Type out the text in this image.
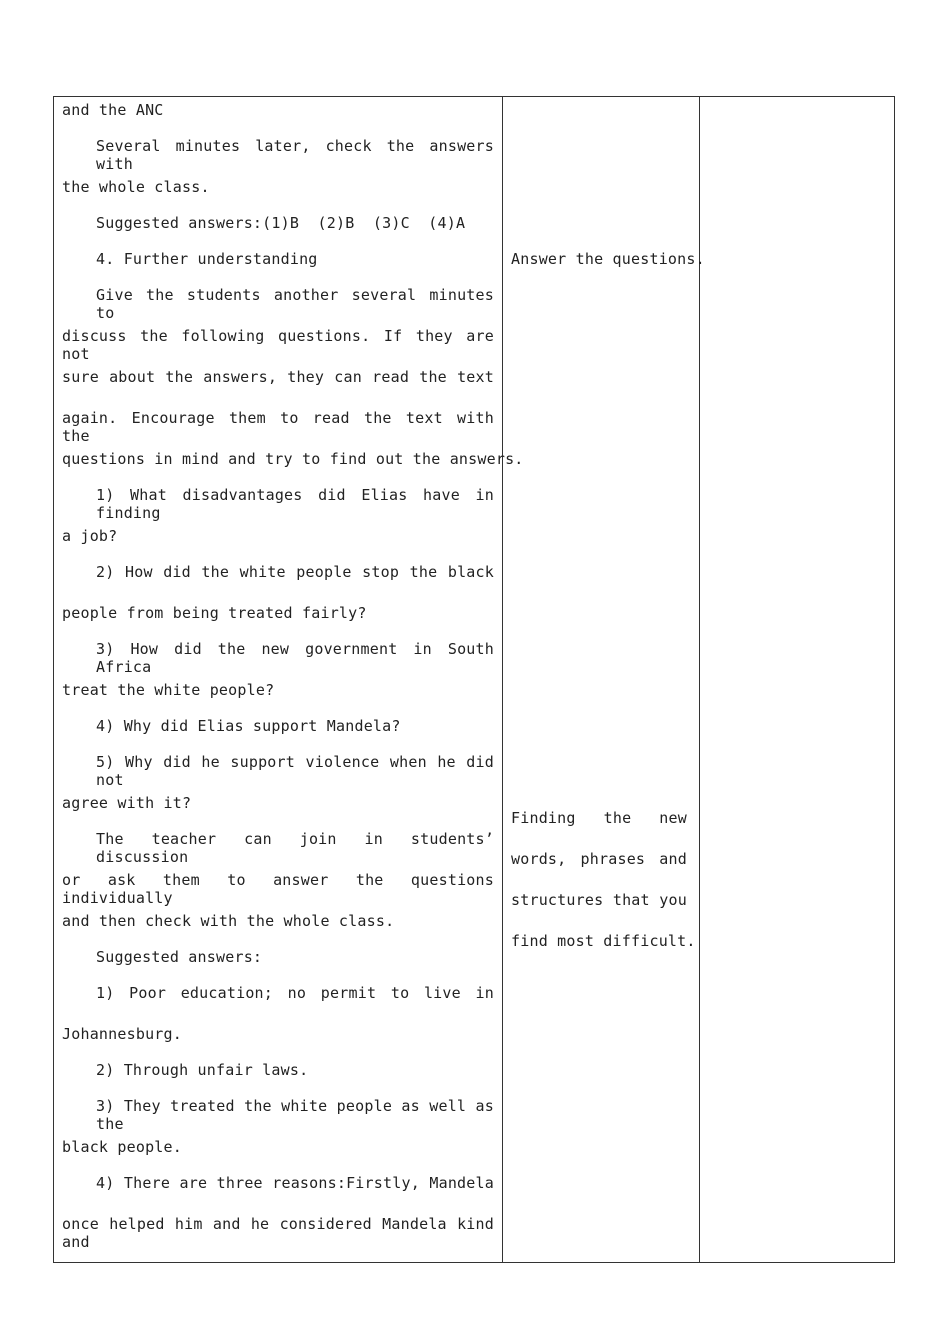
and the ANC
Several minutes later, check the answers with
the whole class.
Suggested answers:(1)B  (2)B  (3)C  (4)A
4. Further understanding
Give the students another several minutes to
discuss the following questions. If they are not
sure about the answers, they can read the text
again. Encourage them to read the text with the
questions in mind and try to find out the answers.
1) What disadvantages did Elias have in finding
a job?
2) How did the white people stop the black
people from being treated fairly?
3) How did the new government in South Africa
treat the white people?
4) Why did Elias support Mandela?
5) Why did he support violence when he did not
agree with it?
The teacher can join in students’ discussion
or ask them to answer the questions individually
and then check with the whole class.
Suggested answers:
1) Poor education; no permit to live in
Johannesburg.
2) Through unfair laws.
3) They treated the white people as well as the
black people.
4) There are three reasons:Firstly, Mandela
once helped him and he considered Mandela kind and
Answer the questions.
Finding the new
words, phrases and
structures that you
find most difficult.
